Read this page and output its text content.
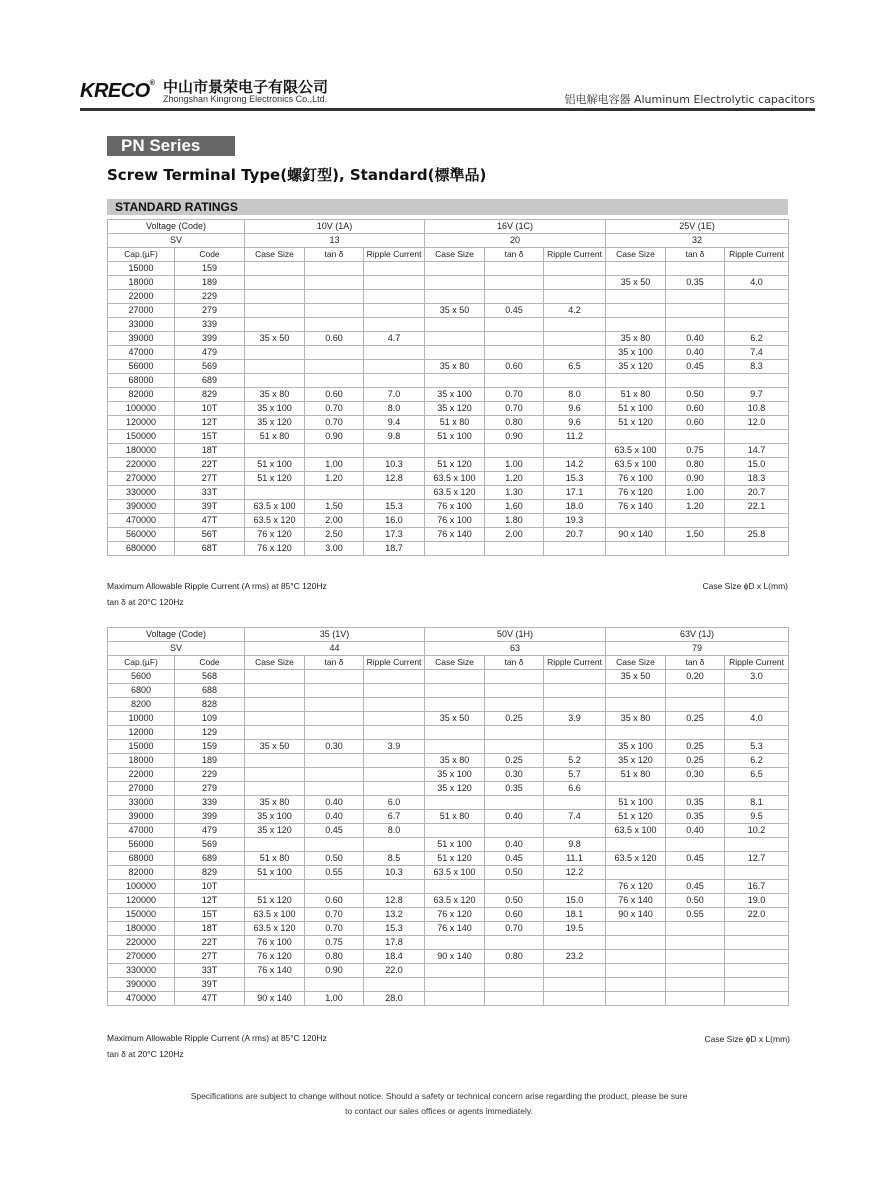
KRECO® 中山市景荣电子有限公司
Zhongshan Kingrong Electronics Co.,Ltd.	铝电解电容器 Aluminum Electrolytic capacitors
PN Series
Screw Terminal Type(螺釘型), Standard(標準品)
STANDARD RATINGS
Voltage (Code)		10V (1A)			16V (1C)			25V (1E)		
SV		13			20			32		
Cap.(µF)	Code	Case Size	tan δ	Ripple Current	Case Size	tan δ	Ripple Current	Case Size	tan δ	Ripple Current
15000	159									
18000	189							35 x 50	0.35	4.0
22000	229									
27000	279				35 x 50	0.45	4.2			
33000	339									
39000	399	35 x 50	0.60	4.7				35 x 80	0.40	6.2
47000	479							35 x 100	0.40	7.4
56000	569				35 x 80	0.60	6.5	35 x 120	0.45	8.3
68000	689									
82000	829	35 x 80	0.60	7.0	35 x 100	0.70	8.0	51 x 80	0.50	9.7
100000	10T	35 x 100	0.70	8.0	35 x 120	0.70	9.6	51 x 100	0.60	10.8
120000	12T	35 x 120	0.70	9.4	51 x 80	0.80	9.6	51 x 120	0.60	12.0
150000	15T	51 x 80	0.90	9.8	51 x 100	0.90	11.2			
180000	18T							63.5 x 100	0.75	14.7
220000	22T	51 x 100	1.00	10.3	51 x 120	1.00	14.2	63.5 x 100	0.80	15.0
270000	27T	51 x 120	1.20	12.8	63.5 x 100	1.20	15.3	76 x 100	0.90	18.3
330000	33T				63.5 x 120	1.30	17.1	76 x 120	1.00	20.7
390000	39T	63.5 x 100	1.50	15.3	76 x 100	1.60	18.0	76 x 140	1.20	22.1
470000	47T	63.5 x 120	2.00	16.0	76 x 100	1.80	19.3			
560000	56T	76 x 120	2.50	17.3	76 x 140	2.00	20.7	90 x 140	1.50	25.8
680000	68T	76 x 120	3.00	18.7						
Maximum Allowable Ripple Current (A rms) at 85°C 120Hz
tan δ at 20°C 120Hz
Case Size ϕD x L(mm)
Voltage (Code)		35 (1V)			50V (1H)			63V (1J)		
SV		44			63			79		
Cap.(µF)	Code	Case Size	tan δ	Ripple Current	Case Size	tan δ	Ripple Current	Case Size	tan δ	Ripple Current
5600	568							35 x 50	0.20	3.0
6800	688									
8200	828									
10000	109				35 x 50	0.25	3.9	35 x 80	0.25	4.0
12000	129									
15000	159	35 x 50	0.30	3.9				35 x 100	0.25	5.3
18000	189				35 x 80	0.25	5.2	35 x 120	0.25	6.2
22000	229				35 x 100	0.30	5.7	51 x 80	0.30	6.5
27000	279				35 x 120	0.35	6.6			
33000	339	35 x 80	0.40	6.0				51 x 100	0.35	8.1
39000	399	35 x 100	0.40	6.7	51 x 80	0.40	7.4	51 x 120	0.35	9.5
47000	479	35 x 120	0.45	8.0				63.5 x 100	0.40	10.2
56000	569				51 x 100	0.40	9.8			
68000	689	51 x 80	0.50	8.5	51 x 120	0.45	11.1	63.5 x 120	0.45	12.7
82000	829	51 x 100	0.55	10.3	63.5 x 100	0.50	12.2			
100000	10T							76 x 120	0.45	16.7
120000	12T	51 x 120	0.60	12.8	63.5 x 120	0.50	15.0	76 x 140	0.50	19.0
150000	15T	63.5 x 100	0.70	13.2	76 x 120	0.60	18.1	90 x 140	0.55	22.0
180000	18T	63.5 x 120	0.70	15.3	76 x 140	0.70	19.5			
220000	22T	76 x 100	0.75	17.8						
270000	27T	76 x 120	0.80	18.4	90 x 140	0.80	23.2			
330000	33T	76 x 140	0.90	22.0						
390000	39T									
470000	47T	90 x 140	1.00	28.0						
Maximum Allowable Ripple Current (A rms) at 85°C 120Hz
tan δ at 20°C 120Hz
Case Size ϕD x L(mm)
Specifications are subject to change without notice. Should a safety or technical concern arise regarding the product, please be sure
to contact our sales offices or agents immediately.
